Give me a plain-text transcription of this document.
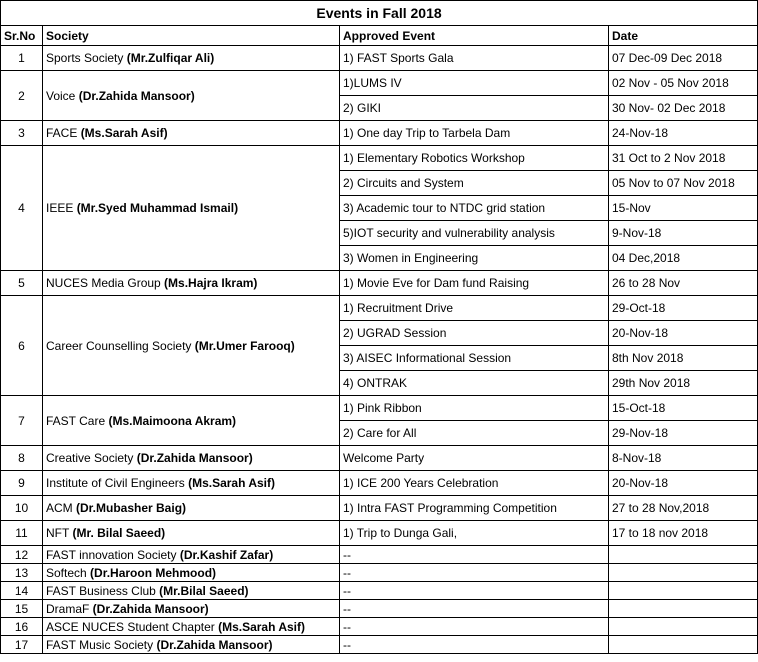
Events in Fall 2018			
Sr.No	Society	Approved Event	Date
1	Sports Society (Mr.Zulfiqar Ali)	1) FAST Sports Gala	07 Dec-09 Dec 2018
2	Voice (Dr.Zahida Mansoor)	1)LUMS IV	02 Nov - 05 Nov 2018
		2) GIKI	30 Nov- 02 Dec 2018
3	FACE (Ms.Sarah Asif)	1) One day Trip to Tarbela Dam	24-Nov-18
4	IEEE (Mr.Syed Muhammad Ismail)	1) Elementary Robotics Workshop	31 Oct to 2 Nov 2018
		2) Circuits and System	05 Nov to 07 Nov 2018
		3) Academic tour to NTDC grid station	15-Nov
		5)IOT security and vulnerability analysis	9-Nov-18
		3) Women in Engineering	04 Dec,2018
5	NUCES Media Group (Ms.Hajra Ikram)	1) Movie Eve for Dam fund Raising	26 to 28 Nov
6	Career Counselling Society (Mr.Umer Farooq)	1) Recruitment Drive	29-Oct-18
		2) UGRAD Session	20-Nov-18
		3) AISEC Informational Session	8th Nov 2018
		4) ONTRAK	29th Nov 2018
7	FAST Care (Ms.Maimoona Akram)	1) Pink Ribbon	15-Oct-18
		2) Care for All	29-Nov-18
8	Creative Society (Dr.Zahida Mansoor)	Welcome Party	8-Nov-18
9	Institute of Civil Engineers (Ms.Sarah Asif)	1) ICE 200 Years Celebration	20-Nov-18
10	ACM (Dr.Mubasher Baig)	1) Intra FAST Programming Competition	27 to 28 Nov,2018
11	NFT (Mr. Bilal Saeed)	1) Trip to Dunga Gali,	17 to 18 nov 2018
12	FAST innovation Society (Dr.Kashif Zafar)	--	
13	Softech (Dr.Haroon Mehmood)	--	
14	FAST Business Club (Mr.Bilal Saeed)	--	
15	DramaF (Dr.Zahida Mansoor)	--	
16	ASCE NUCES Student Chapter (Ms.Sarah Asif)	--	
17	FAST Music Society (Dr.Zahida Mansoor)	--	
